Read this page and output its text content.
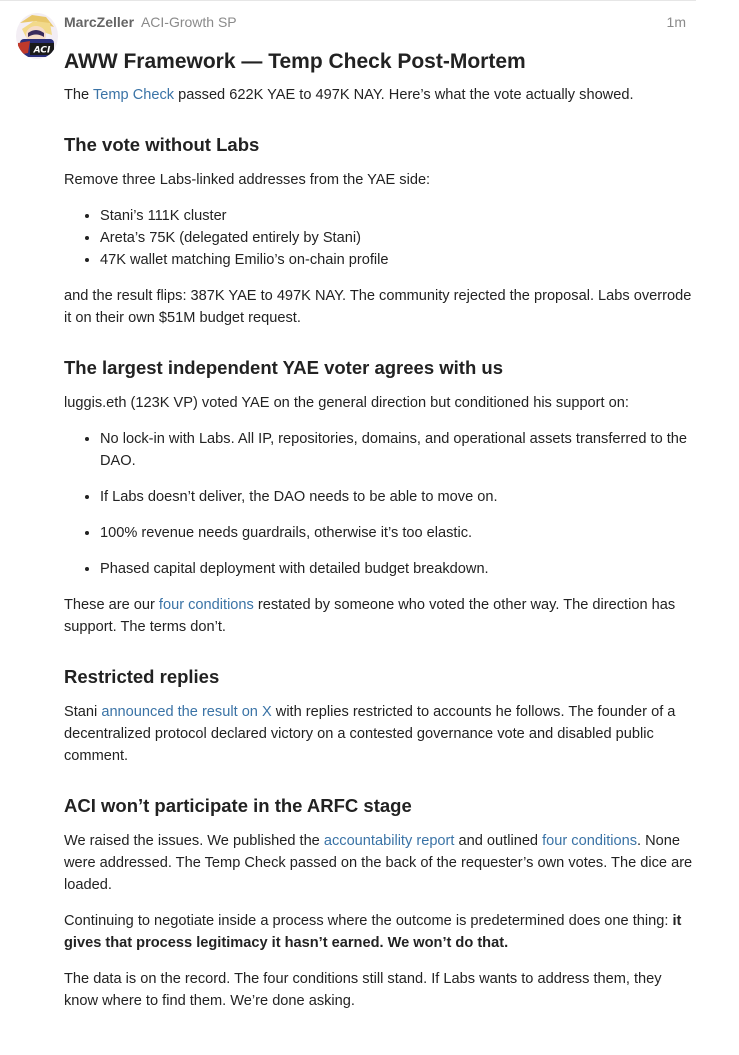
ACI
MarcZeller ACI-Growth SP	1m
AWW Framework — Temp Check Post-Mortem

The Temp Check passed 622K YAE to 497K NAY. Here’s what the vote actually showed.

The vote without Labs

Remove three Labs-linked addresses from the YAE side:

• Stani’s 111K cluster
• Areta’s 75K (delegated entirely by Stani)
• 47K wallet matching Emilio’s on-chain profile

and the result flips: 387K YAE to 497K NAY. The community rejected the proposal. Labs overrode it on their own $51M budget request.

The largest independent YAE voter agrees with us

luggis.eth (123K VP) voted YAE on the general direction but conditioned his support on:

• No lock-in with Labs. All IP, repositories, domains, and operational assets transferred to the DAO.
• If Labs doesn’t deliver, the DAO needs to be able to move on.
• 100% revenue needs guardrails, otherwise it’s too elastic.
• Phased capital deployment with detailed budget breakdown.

These are our four conditions restated by someone who voted the other way. The direction has support. The terms don’t.

Restricted replies

Stani announced the result on X with replies restricted to accounts he follows. The founder of a decentralized protocol declared victory on a contested governance vote and disabled public comment.

ACI won’t participate in the ARFC stage

We raised the issues. We published the accountability report and outlined four conditions. None were addressed. The Temp Check passed on the back of the requester’s own votes. The dice are loaded.

Continuing to negotiate inside a process where the outcome is predetermined does one thing: it gives that process legitimacy it hasn’t earned. We won’t do that.

The data is on the record. The four conditions still stand. If Labs wants to address them, they know where to find them. We’re done asking.
